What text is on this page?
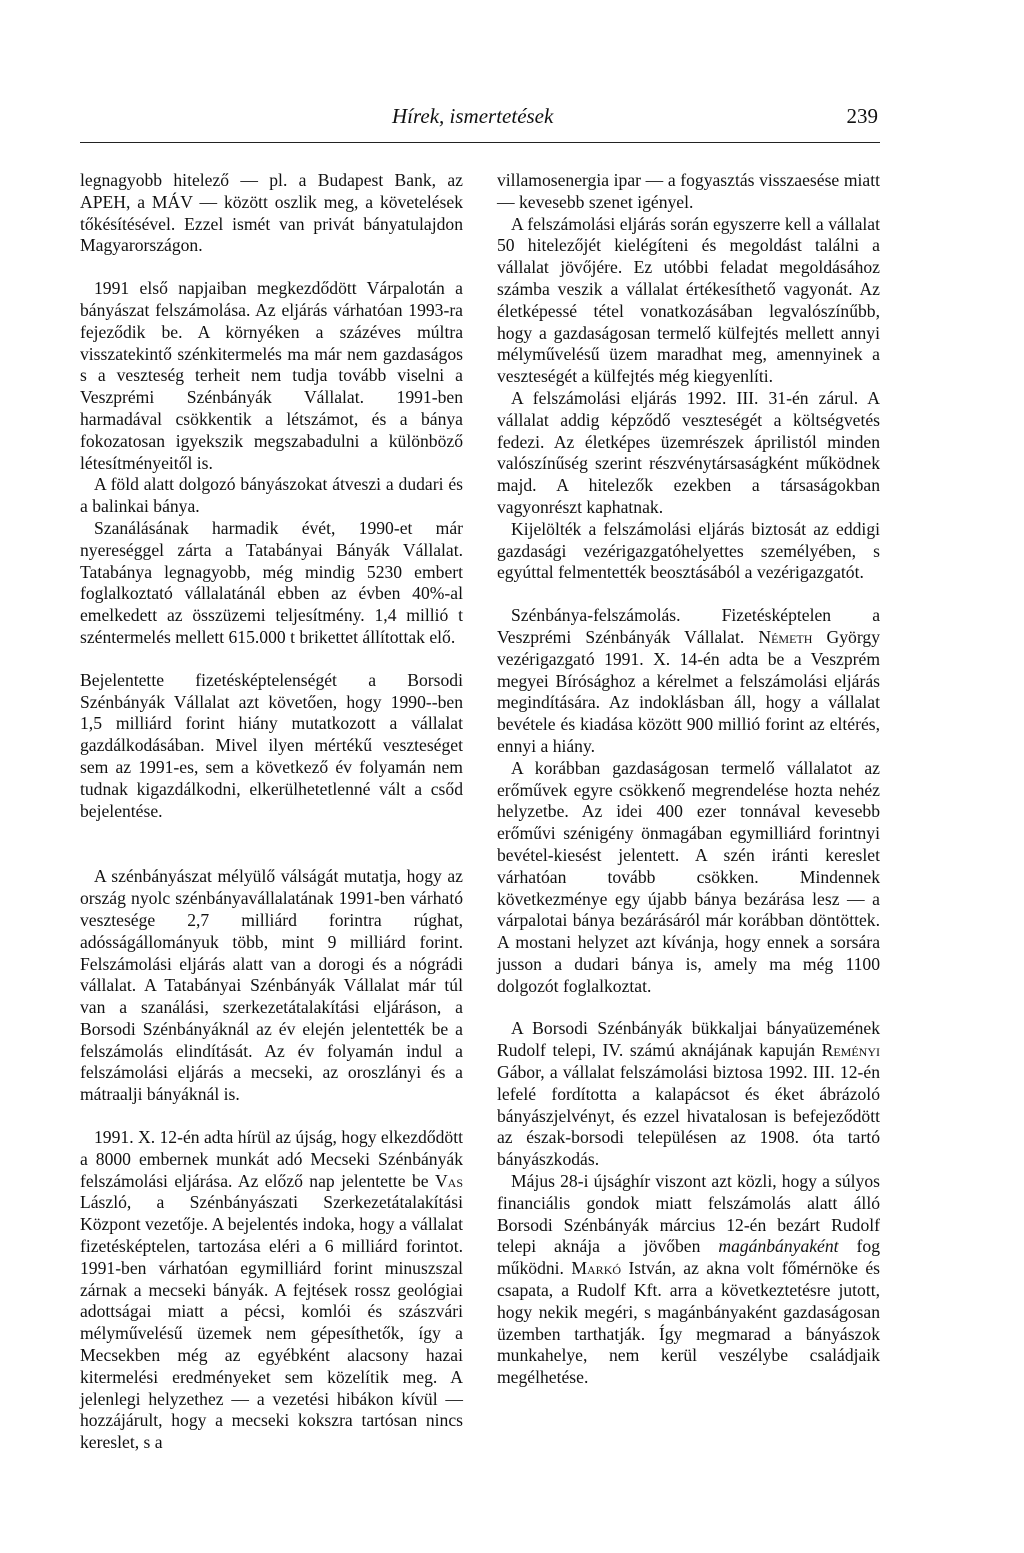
Hírek, ismertetések	239

legnagyobb hitelező — pl. a Budapest Bank, az APEH, a MÁV — között oszlik meg, a követelések tőkésítésével. Ezzel ismét van privát bányatulajdon Magyarországon.

1991 első napjaiban megkezdődött Várpalotán a bányászat felszámolása. Az eljárás várhatóan 1993-ra fejeződik be. A környéken a százéves múltra visszatekintő szénkitermelés ma már nem gazdaságos s a veszteség terheit nem tudja tovább viselni a Veszprémi Szénbányák Vállalat. 1991-ben harmadával csökkentik a létszámot, és a bánya fokozatosan igyekszik megszabadulni a különböző létesítményeitől is.

A föld alatt dolgozó bányászokat átveszi a dudari és a balinkai bánya.

Szanálásának harmadik évét, 1990-et már nyereséggel zárta a Tatabányai Bányák Vállalat. Tatabánya legnagyobb, még mindig 5230 embert foglalkoztató vállalatánál ebben az évben 40%-al emelkedett az összüzemi teljesítmény. 1,4 millió t széntermelés mellett 615.000 t brikettet állítottak elő.

Bejelentette fizetésképtelenségét a Borsodi Szénbányák Vállalat azt követően, hogy 1990--ben 1,5 milliárd forint hiány mutatkozott a vállalat gazdálkodásában. Mivel ilyen mértékű veszteséget sem az 1991-es, sem a következő év folyamán nem tudnak kigazdálkodni, elkerülhetetlenné vált a csőd bejelentése.

A szénbányászat mélyülő válságát mutatja, hogy az ország nyolc szénbányavállalatának 1991-ben várható vesztesége 2,7 milliárd forintra rúghat, adósságállományuk több, mint 9 milliárd forint. Felszámolási eljárás alatt van a dorogi és a nógrádi vállalat. A Tatabányai Szénbányák Vállalat már túl van a szanálási, szerkezetátalakítási eljáráson, a Borsodi Szénbányáknál az év elején jelentették be a felszámolás elindítását. Az év folyamán indul a felszámolási eljárás a mecseki, az oroszlányi és a mátraalji bányáknál is.

1991. X. 12-én adta hírül az újság, hogy elkezdődött a 8000 embernek munkát adó Mecseki Szénbányák felszámolási eljárása. Az előző nap jelentette be Vas László, a Szénbányászati Szerkezetátalakítási Központ vezetője. A bejelentés indoka, hogy a vállalat fizetésképtelen, tartozása eléri a 6 milliárd forintot. 1991-ben várhatóan egymilliárd forint minuszszal zárnak a mecseki bányák. A fejtések rossz geológiai adottságai miatt a pécsi, komlói és szászvári mélyművelésű üzemek nem gépesíthetők, így a Mecsekben még az egyébként alacsony hazai kitermelési eredményeket sem közelítik meg. A jelenlegi helyzethez — a vezetési hibákon kívül — hozzájárult, hogy a mecseki kokszra tartósan nincs kereslet, s a

villamosenergia ipar — a fogyasztás visszaesése miatt — kevesebb szenet igényel.

A felszámolási eljárás során egyszerre kell a vállalat 50 hitelezőjét kielégíteni és megoldást találni a vállalat jövőjére. Ez utóbbi feladat megoldásához számba veszik a vállalat értékesíthető vagyonát. Az életképessé tétel vonatkozásában legvalószínűbb, hogy a gazdaságosan termelő külfejtés mellett annyi mélyművelésű üzem maradhat meg, amennyinek a veszteségét a külfejtés még kiegyenlíti.

A felszámolási eljárás 1992. III. 31-én zárul. A vállalat addig képződő veszteségét a költségvetés fedezi. Az életképes üzemrészek áprilistól minden valószínűség szerint részvénytársaságként működnek majd. A hitelezők ezekben a társaságokban vagyonrészt kaphatnak.

Kijelölték a felszámolási eljárás biztosát az eddigi gazdasági vezérigazgatóhelyettes személyében, s egyúttal felmentették beosztásából a vezérigazgatót.

Szénbánya-felszámolás. Fizetésképtelen a Veszprémi Szénbányák Vállalat. Németh György vezérigazgató 1991. X. 14-én adta be a Veszprém megyei Bírósághoz a kérelmet a felszámolási eljárás megindítására. Az indoklásban áll, hogy a vállalat bevétele és kiadása között 900 millió forint az eltérés, ennyi a hiány.

A korábban gazdaságosan termelő vállalatot az erőművek egyre csökkenő megrendelése hozta nehéz helyzetbe. Az idei 400 ezer tonnával kevesebb erőművi szénigény önmagában egymilliárd forintnyi bevétel-kiesést jelentett. A szén iránti kereslet várhatóan tovább csökken. Mindennek következménye egy újabb bánya bezárása lesz — a várpalotai bánya bezárásáról már korábban döntöttek. A mostani helyzet azt kívánja, hogy ennek a sorsára jusson a dudari bánya is, amely ma még 1100 dolgozót foglalkoztat.

A Borsodi Szénbányák bükkaljai bányaüzemének Rudolf telepi, IV. számú aknájának kapuján Reményi Gábor, a vállalat felszámolási biztosa 1992. III. 12-én lefelé fordította a kalapácsot és éket ábrázoló bányászjelvényt, és ezzel hivatalosan is befejeződött az észak-borsodi településen az 1908. óta tartó bányászkodás.

Május 28-i újsághír viszont azt közli, hogy a súlyos financiális gondok miatt felszámolás alatt álló Borsodi Szénbányák március 12-én bezárt Rudolf telepi aknája a jövőben magánbányaként fog működni. Markó István, az akna volt főmérnöke és csapata, a Rudolf Kft. arra a következtetésre jutott, hogy nekik megéri, s magánbányaként gazdaságosan üzemben tarthatják. Így megmarad a bányászok munkahelye, nem kerül veszélybe családjaik megélhetése.
